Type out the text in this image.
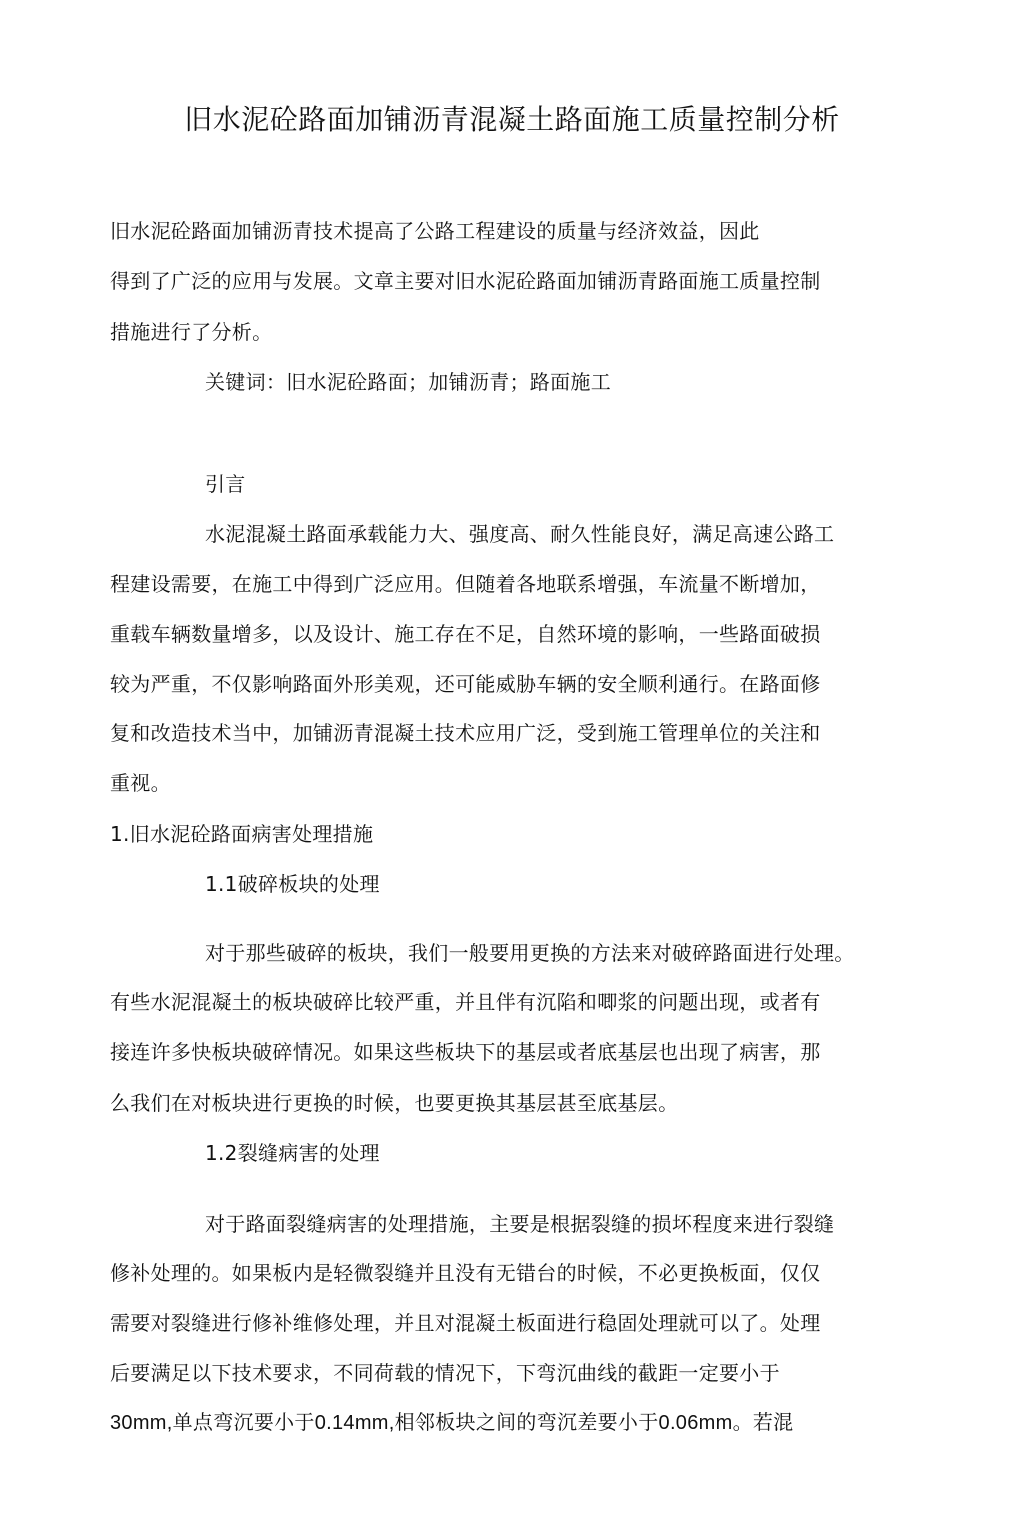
旧水泥砼路面加铺沥青混凝土路面施工质量控制分析
旧水泥砼路面加铺沥青技术提高了公路工程建设的质量与经济效益，因此
得到了广泛的应用与发展。文章主要对旧水泥砼路面加铺沥青路面施工质量控制
措施进行了分析。
关键词：旧水泥砼路面；加铺沥青；路面施工
引言
水泥混凝土路面承载能力大、强度高、耐久性能良好，满足高速公路工
程建设需要，在施工中得到广泛应用。但随着各地联系增强，车流量不断增加，
重载车辆数量增多，以及设计、施工存在不足，自然环境的影响，一些路面破损
较为严重，不仅影响路面外形美观，还可能威胁车辆的安全顺利通行。在路面修
复和改造技术当中，加铺沥青混凝土技术应用广泛，受到施工管理单位的关注和
重视。
1.旧水泥砼路面病害处理措施
1.1破碎板块的处理
对于那些破碎的板块，我们一般要用更换的方法来对破碎路面进行处理。
有些水泥混凝土的板块破碎比较严重，并且伴有沉陷和唧浆的问题出现，或者有
接连许多快板块破碎情况。如果这些板块下的基层或者底基层也出现了病害，那
么我们在对板块进行更换的时候，也要更换其基层甚至底基层。
1.2裂缝病害的处理
对于路面裂缝病害的处理措施，主要是根据裂缝的损坏程度来进行裂缝
修补处理的。如果板内是轻微裂缝并且没有无错台的时候，不必更换板面，仅仅
需要对裂缝进行修补维修处理，并且对混凝土板面进行稳固处理就可以了。处理
后要满足以下技术要求，不同荷载的情况下，下弯沉曲线的截距一定要小于
30mm,单点弯沉要小于0.14mm,相邻板块之间的弯沉差要小于0.06mm。若混
